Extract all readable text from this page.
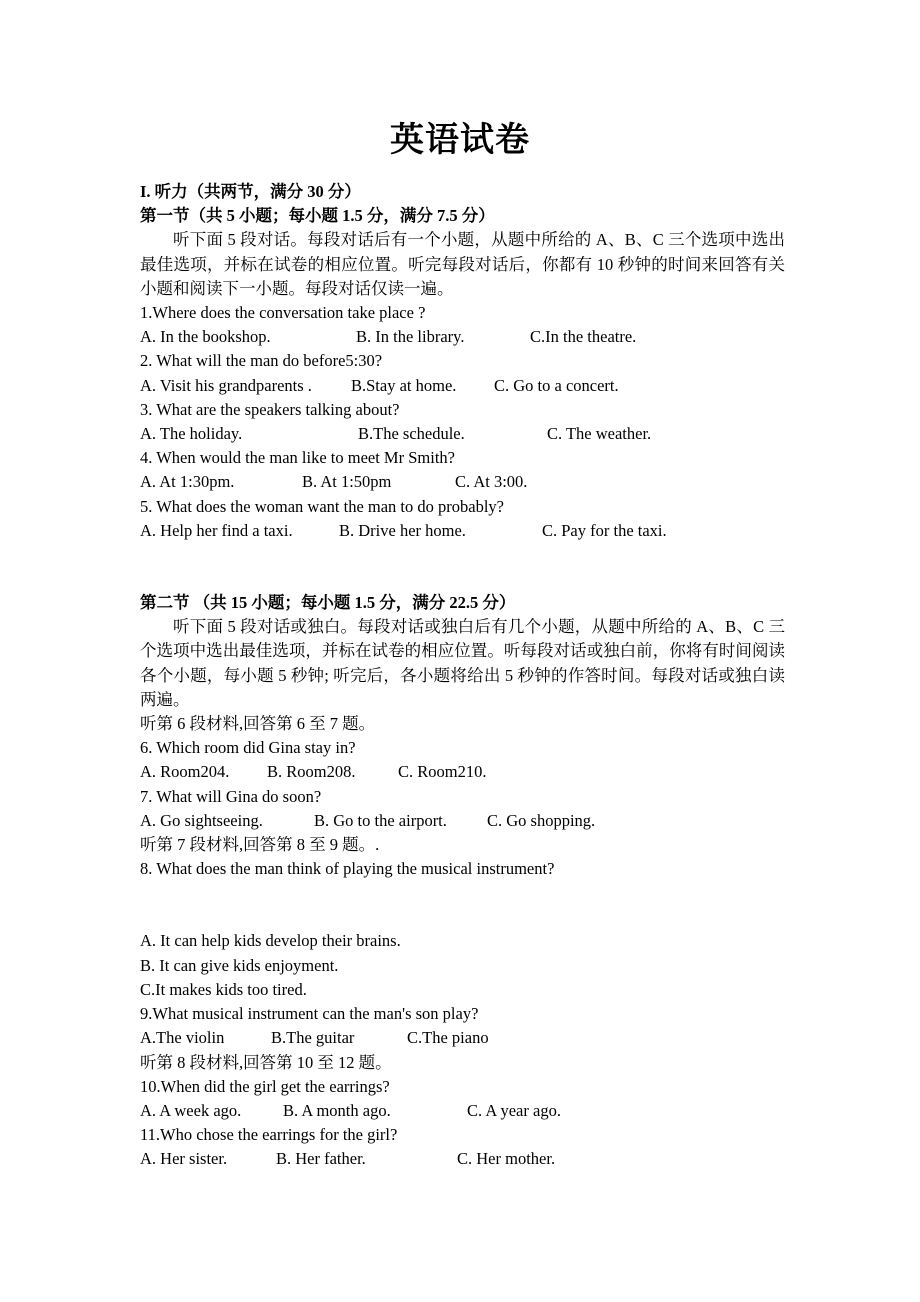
英语试卷
I. 听力（共两节，满分 30 分）
第一节（共 5 小题；每小题 1.5 分，满分 7.5 分）
听下面 5 段对话。每段对话后有一个小题，从题中所给的 A、B、C 三个选项中选出最佳选项，并标在试卷的相应位置。听完每段对话后，你都有 10 秒钟的时间来回答有关小题和阅读下一小题。每段对话仅读一遍。
1.Where does the conversation take place ?
A. In the bookshop.	B. In the library.	C.In the theatre.
2. What will the man do before5:30?
A. Visit his grandparents .	B.Stay at home.	C. Go to a concert.
3. What are the speakers talking about?
A. The holiday.	B.The schedule.	C. The weather.
4. When would the man like to meet Mr Smith?
A. At 1:30pm.	B. At 1:50pm	C. At 3:00.
5. What does the woman want the man to do probably?
A. Help her find a taxi.	B. Drive her home.	C. Pay for the taxi.
第二节 （共 15 小题；每小题 1.5 分，满分 22.5 分）
听下面 5 段对话或独白。每段对话或独白后有几个小题，从题中所给的 A、B、C 三个选项中选出最佳选项，并标在试卷的相应位置。听每段对话或独白前，你将有时间阅读各个小题，每小题 5 秒钟; 听完后，各小题将给出 5 秒钟的作答时间。每段对话或独白读两遍。
听第 6 段材料,回答第 6 至 7 题。
6. Which room did Gina stay in?
A. Room204.	B. Room208.	C. Room210.
7. What will Gina do soon?
A. Go sightseeing.	B. Go to the airport.	C. Go shopping.
听第 7 段材料,回答第 8 至 9 题。.
8. What does the man think of playing the musical instrument?
A. It can help kids develop their brains.
B. It can give kids enjoyment.
C.It makes kids too tired.
9.What musical instrument can the man's son play?
A.The violin	B.The guitar	C.The piano
听第 8 段材料,回答第 10 至 12 题。
10.When did the girl get the earrings?
A. A week ago.	B. A month ago.	C. A year ago.
11.Who chose the earrings for the girl?
A. Her sister.	B. Her father.	C. Her mother.
